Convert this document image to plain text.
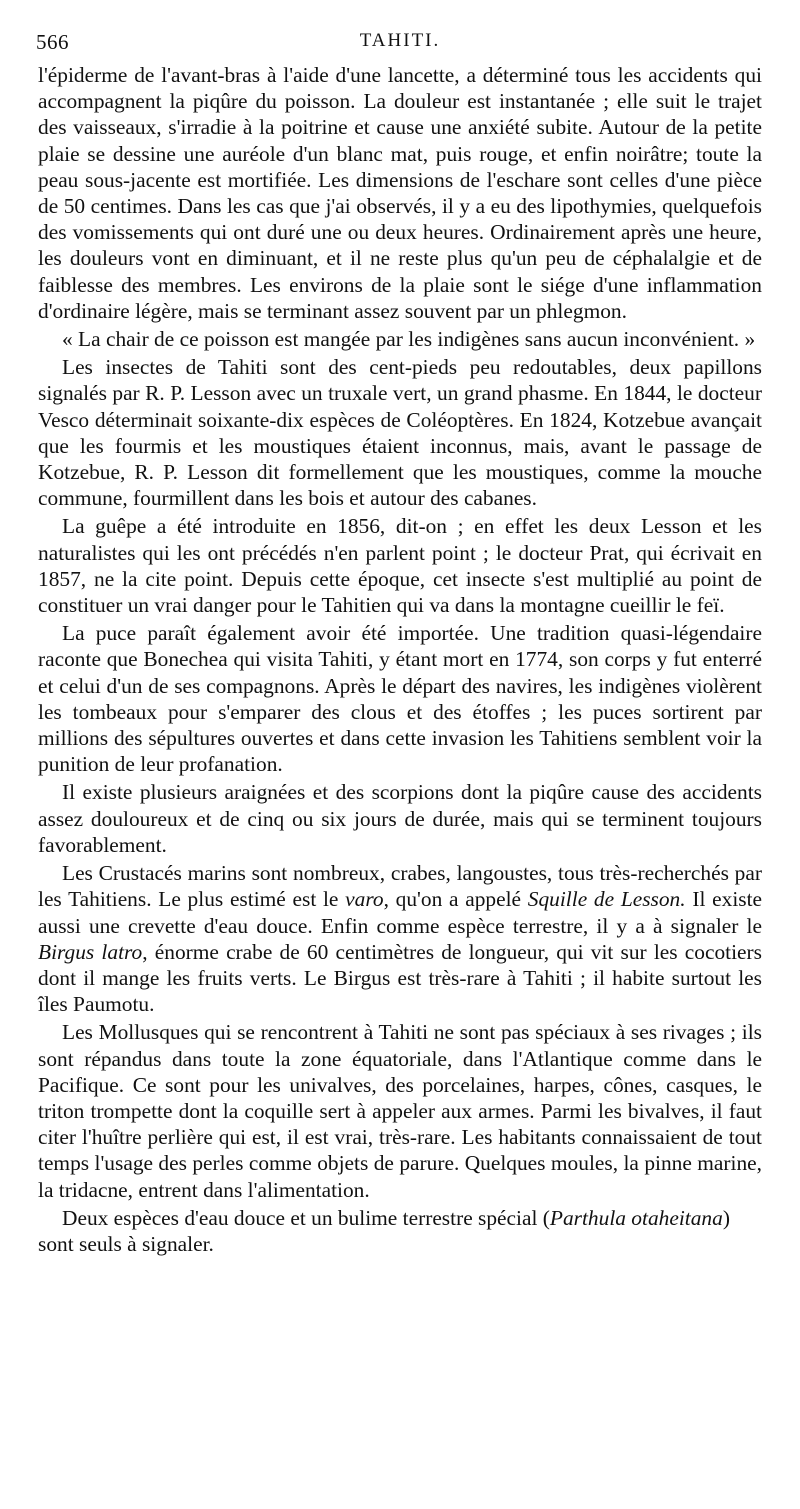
566	TAHITI.

l'épiderme de l'avant-bras à l'aide d'une lancette, a déterminé tous les accidents qui accompagnent la piqûre du poisson. La douleur est instantanée ; elle suit le trajet des vaisseaux, s'irradie à la poitrine et cause une anxiété subite. Autour de la petite plaie se dessine une auréole d'un blanc mat, puis rouge, et enfin noirâtre; toute la peau sous-jacente est mortifiée. Les dimensions de l'eschare sont celles d'une pièce de 50 centimes. Dans les cas que j'ai observés, il y a eu des lipothymies, quelquefois des vomissements qui ont duré une ou deux heures. Ordinairement après une heure, les douleurs vont en diminuant, et il ne reste plus qu'un peu de céphalalgie et de faiblesse des membres. Les environs de la plaie sont le siége d'une inflammation d'ordinaire légère, mais se terminant assez souvent par un phlegmon.

« La chair de ce poisson est mangée par les indigènes sans aucun inconvénient. »

Les insectes de Tahiti sont des cent-pieds peu redoutables, deux papillons signalés par R. P. Lesson avec un truxale vert, un grand phasme. En 1844, le docteur Vesco déterminait soixante-dix espèces de Coléoptères. En 1824, Kotzebue avançait que les fourmis et les moustiques étaient inconnus, mais, avant le passage de Kotzebue, R. P. Lesson dit formellement que les moustiques, comme la mouche commune, fourmillent dans les bois et autour des cabanes.

La guêpe a été introduite en 1856, dit-on ; en effet les deux Lesson et les naturalistes qui les ont précédés n'en parlent point ; le docteur Prat, qui écrivait en 1857, ne la cite point. Depuis cette époque, cet insecte s'est multiplié au point de constituer un vrai danger pour le Tahitien qui va dans la montagne cueillir le feï.

La puce paraît également avoir été importée. Une tradition quasi-légendaire raconte que Bonechea qui visita Tahiti, y étant mort en 1774, son corps y fut enterré et celui d'un de ses compagnons. Après le départ des navires, les indigènes violèrent les tombeaux pour s'emparer des clous et des étoffes ; les puces sortirent par millions des sépultures ouvertes et dans cette invasion les Tahitiens semblent voir la punition de leur profanation.

Il existe plusieurs araignées et des scorpions dont la piqûre cause des accidents assez douloureux et de cinq ou six jours de durée, mais qui se terminent toujours favorablement.

Les Crustacés marins sont nombreux, crabes, langoustes, tous très-recherchés par les Tahitiens. Le plus estimé est le varo, qu'on a appelé Squille de Lesson. Il existe aussi une crevette d'eau douce. Enfin comme espèce terrestre, il y a à signaler le Birgus latro, énorme crabe de 60 centimètres de longueur, qui vit sur les cocotiers dont il mange les fruits verts. Le Birgus est très-rare à Tahiti ; il habite surtout les îles Paumotu.

Les Mollusques qui se rencontrent à Tahiti ne sont pas spéciaux à ses rivages ; ils sont répandus dans toute la zone équatoriale, dans l'Atlantique comme dans le Pacifique. Ce sont pour les univalves, des porcelaines, harpes, cônes, casques, le triton trompette dont la coquille sert à appeler aux armes. Parmi les bivalves, il faut citer l'huître perlière qui est, il est vrai, très-rare. Les habitants connaissaient de tout temps l'usage des perles comme objets de parure. Quelques moules, la pinne marine, la tridacne, entrent dans l'alimentation.

Deux espèces d'eau douce et un bulime terrestre spécial (Parthula otaheitana) sont seuls à signaler.
